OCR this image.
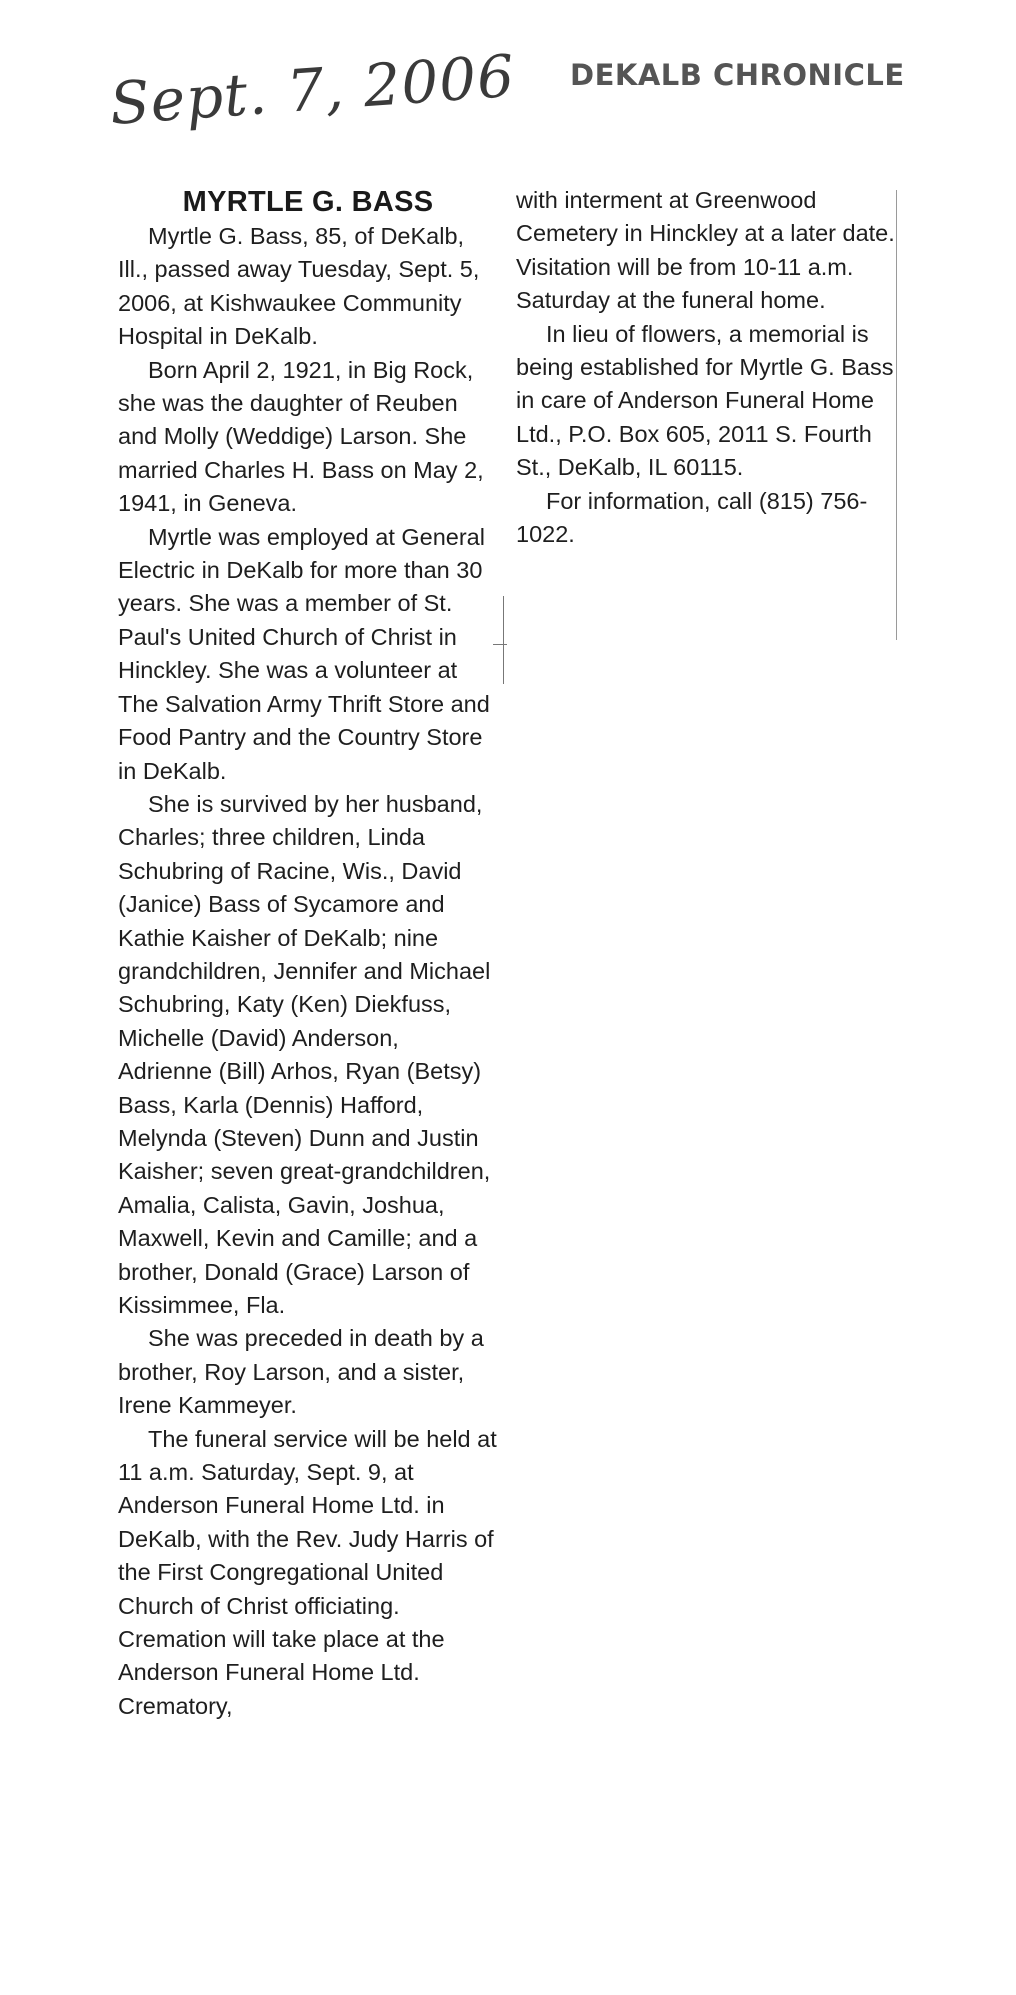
Sept. 7, 2006 DEKALB CHRONICLE
MYRTLE G. BASS

Myrtle G. Bass, 85, of DeKalb, Ill., passed away Tuesday, Sept. 5, 2006, at Kishwaukee Community Hospital in DeKalb.

Born April 2, 1921, in Big Rock, she was the daughter of Reuben and Molly (Weddige) Larson. She married Charles H. Bass on May 2, 1941, in Geneva.

Myrtle was employed at General Electric in DeKalb for more than 30 years. She was a member of St. Paul's United Church of Christ in Hinckley. She was a volunteer at The Salvation Army Thrift Store and Food Pantry and the Country Store in DeKalb.

She is survived by her husband, Charles; three children, Linda Schubring of Racine, Wis., David (Janice) Bass of Sycamore and Kathie Kaisher of DeKalb; nine grandchildren, Jennifer and Michael Schubring, Katy (Ken) Diekfuss, Michelle (David) Anderson, Adrienne (Bill) Arhos, Ryan (Betsy) Bass, Karla (Dennis) Hafford, Melynda (Steven) Dunn and Justin Kaisher; seven great-grandchildren, Amalia, Calista, Gavin, Joshua, Maxwell, Kevin and Camille; and a brother, Donald (Grace) Larson of Kissimmee, Fla.

She was preceded in death by a brother, Roy Larson, and a sister, Irene Kammeyer.

The funeral service will be held at 11 a.m. Saturday, Sept. 9, at Anderson Funeral Home Ltd. in DeKalb, with the Rev. Judy Harris of the First Congregational United Church of Christ officiating. Cremation will take place at the Anderson Funeral Home Ltd. Crematory,

with interment at Greenwood Cemetery in Hinckley at a later date. Visitation will be from 10-11 a.m. Saturday at the funeral home.

In lieu of flowers, a memorial is being established for Myrtle G. Bass in care of Anderson Funeral Home Ltd., P.O. Box 605, 2011 S. Fourth St., DeKalb, IL 60115.

For information, call (815) 756-1022.
